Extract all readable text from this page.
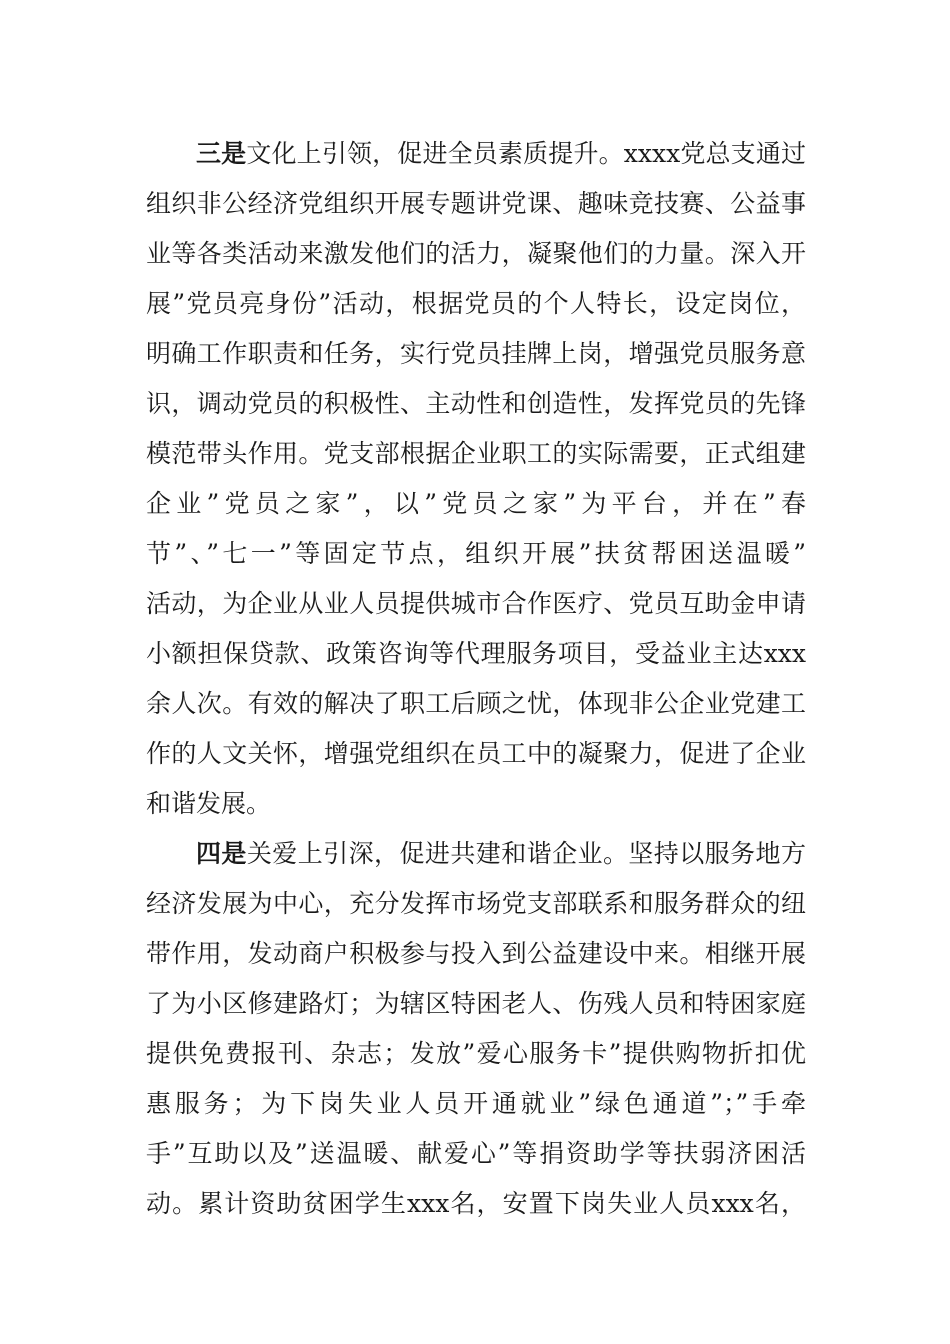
三是文化上引领，促进全员素质提升。xxxx党总支通过
组织非公经济党组织开展专题讲党课、趣味竞技赛、公益事
业等各类活动来激发他们的活力，凝聚他们的力量。深入开
展”党员亮身份”活动，根据党员的个人特长，设定岗位，
明确工作职责和任务，实行党员挂牌上岗，增强党员服务意
识，调动党员的积极性、主动性和创造性，发挥党员的先锋
模范带头作用。党支部根据企业职工的实际需要，正式组建
企业”党员之家”，以”党员之家”为平台，并在”春
节”、”七一”等固定节点，组织开展”扶贫帮困送温暖”
活动，为企业从业人员提供城市合作医疗、党员互助金申请
小额担保贷款、政策咨询等代理服务项目，受益业主达xxx
余人次。有效的解决了职工后顾之忧，体现非公企业党建工
作的人文关怀，增强党组织在员工中的凝聚力，促进了企业
和谐发展。
四是关爱上引深，促进共建和谐企业。坚持以服务地方
经济发展为中心，充分发挥市场党支部联系和服务群众的纽
带作用，发动商户积极参与投入到公益建设中来。相继开展
了为小区修建路灯；为辖区特困老人、伤残人员和特困家庭
提供免费报刊、杂志；发放”爱心服务卡”提供购物折扣优
惠服务；为下岗失业人员开通就业”绿色通道”；”手牵
手”互助以及”送温暖、献爱心”等捐资助学等扶弱济困活
动。累计资助贫困学生xxx名，安置下岗失业人员xxx名，
